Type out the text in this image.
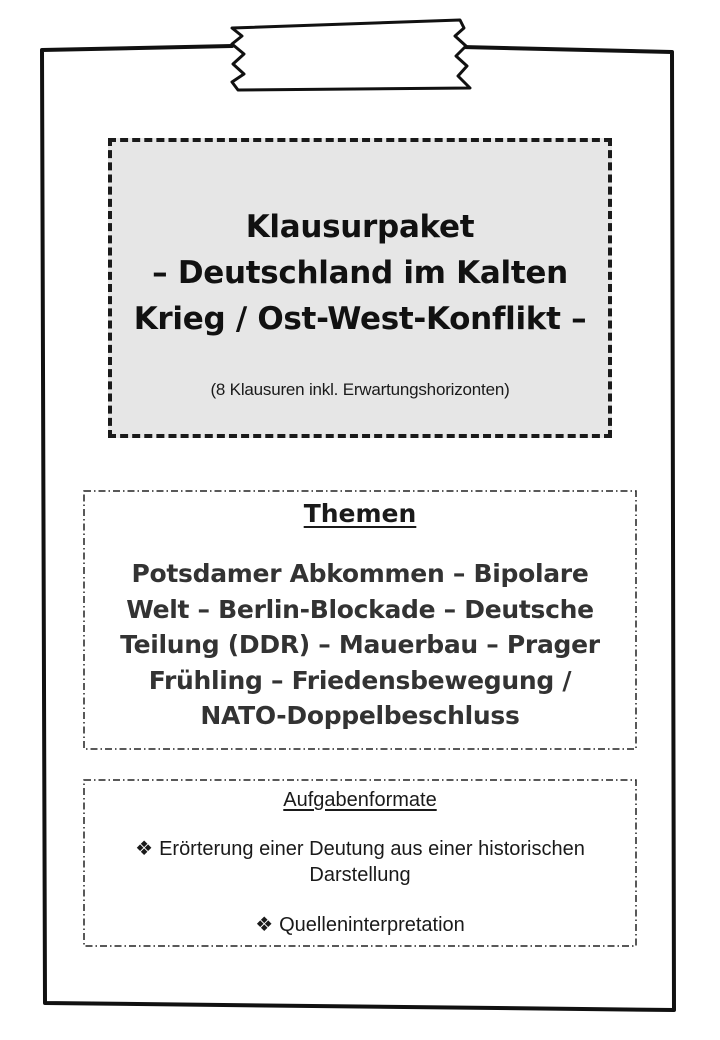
Klausurpaket
– Deutschland im Kalten
Krieg / Ost-West-Konflikt –
(8 Klausuren inkl. Erwartungshorizonten)
Themen
Potsdamer Abkommen – Bipolare
Welt – Berlin-Blockade – Deutsche
Teilung (DDR) – Mauerbau – Prager
Frühling – Friedensbewegung /
NATO-Doppelbeschluss
Aufgabenformate
❖ Erörterung einer Deutung aus einer historischen
Darstellung
❖ Quelleninterpretation
